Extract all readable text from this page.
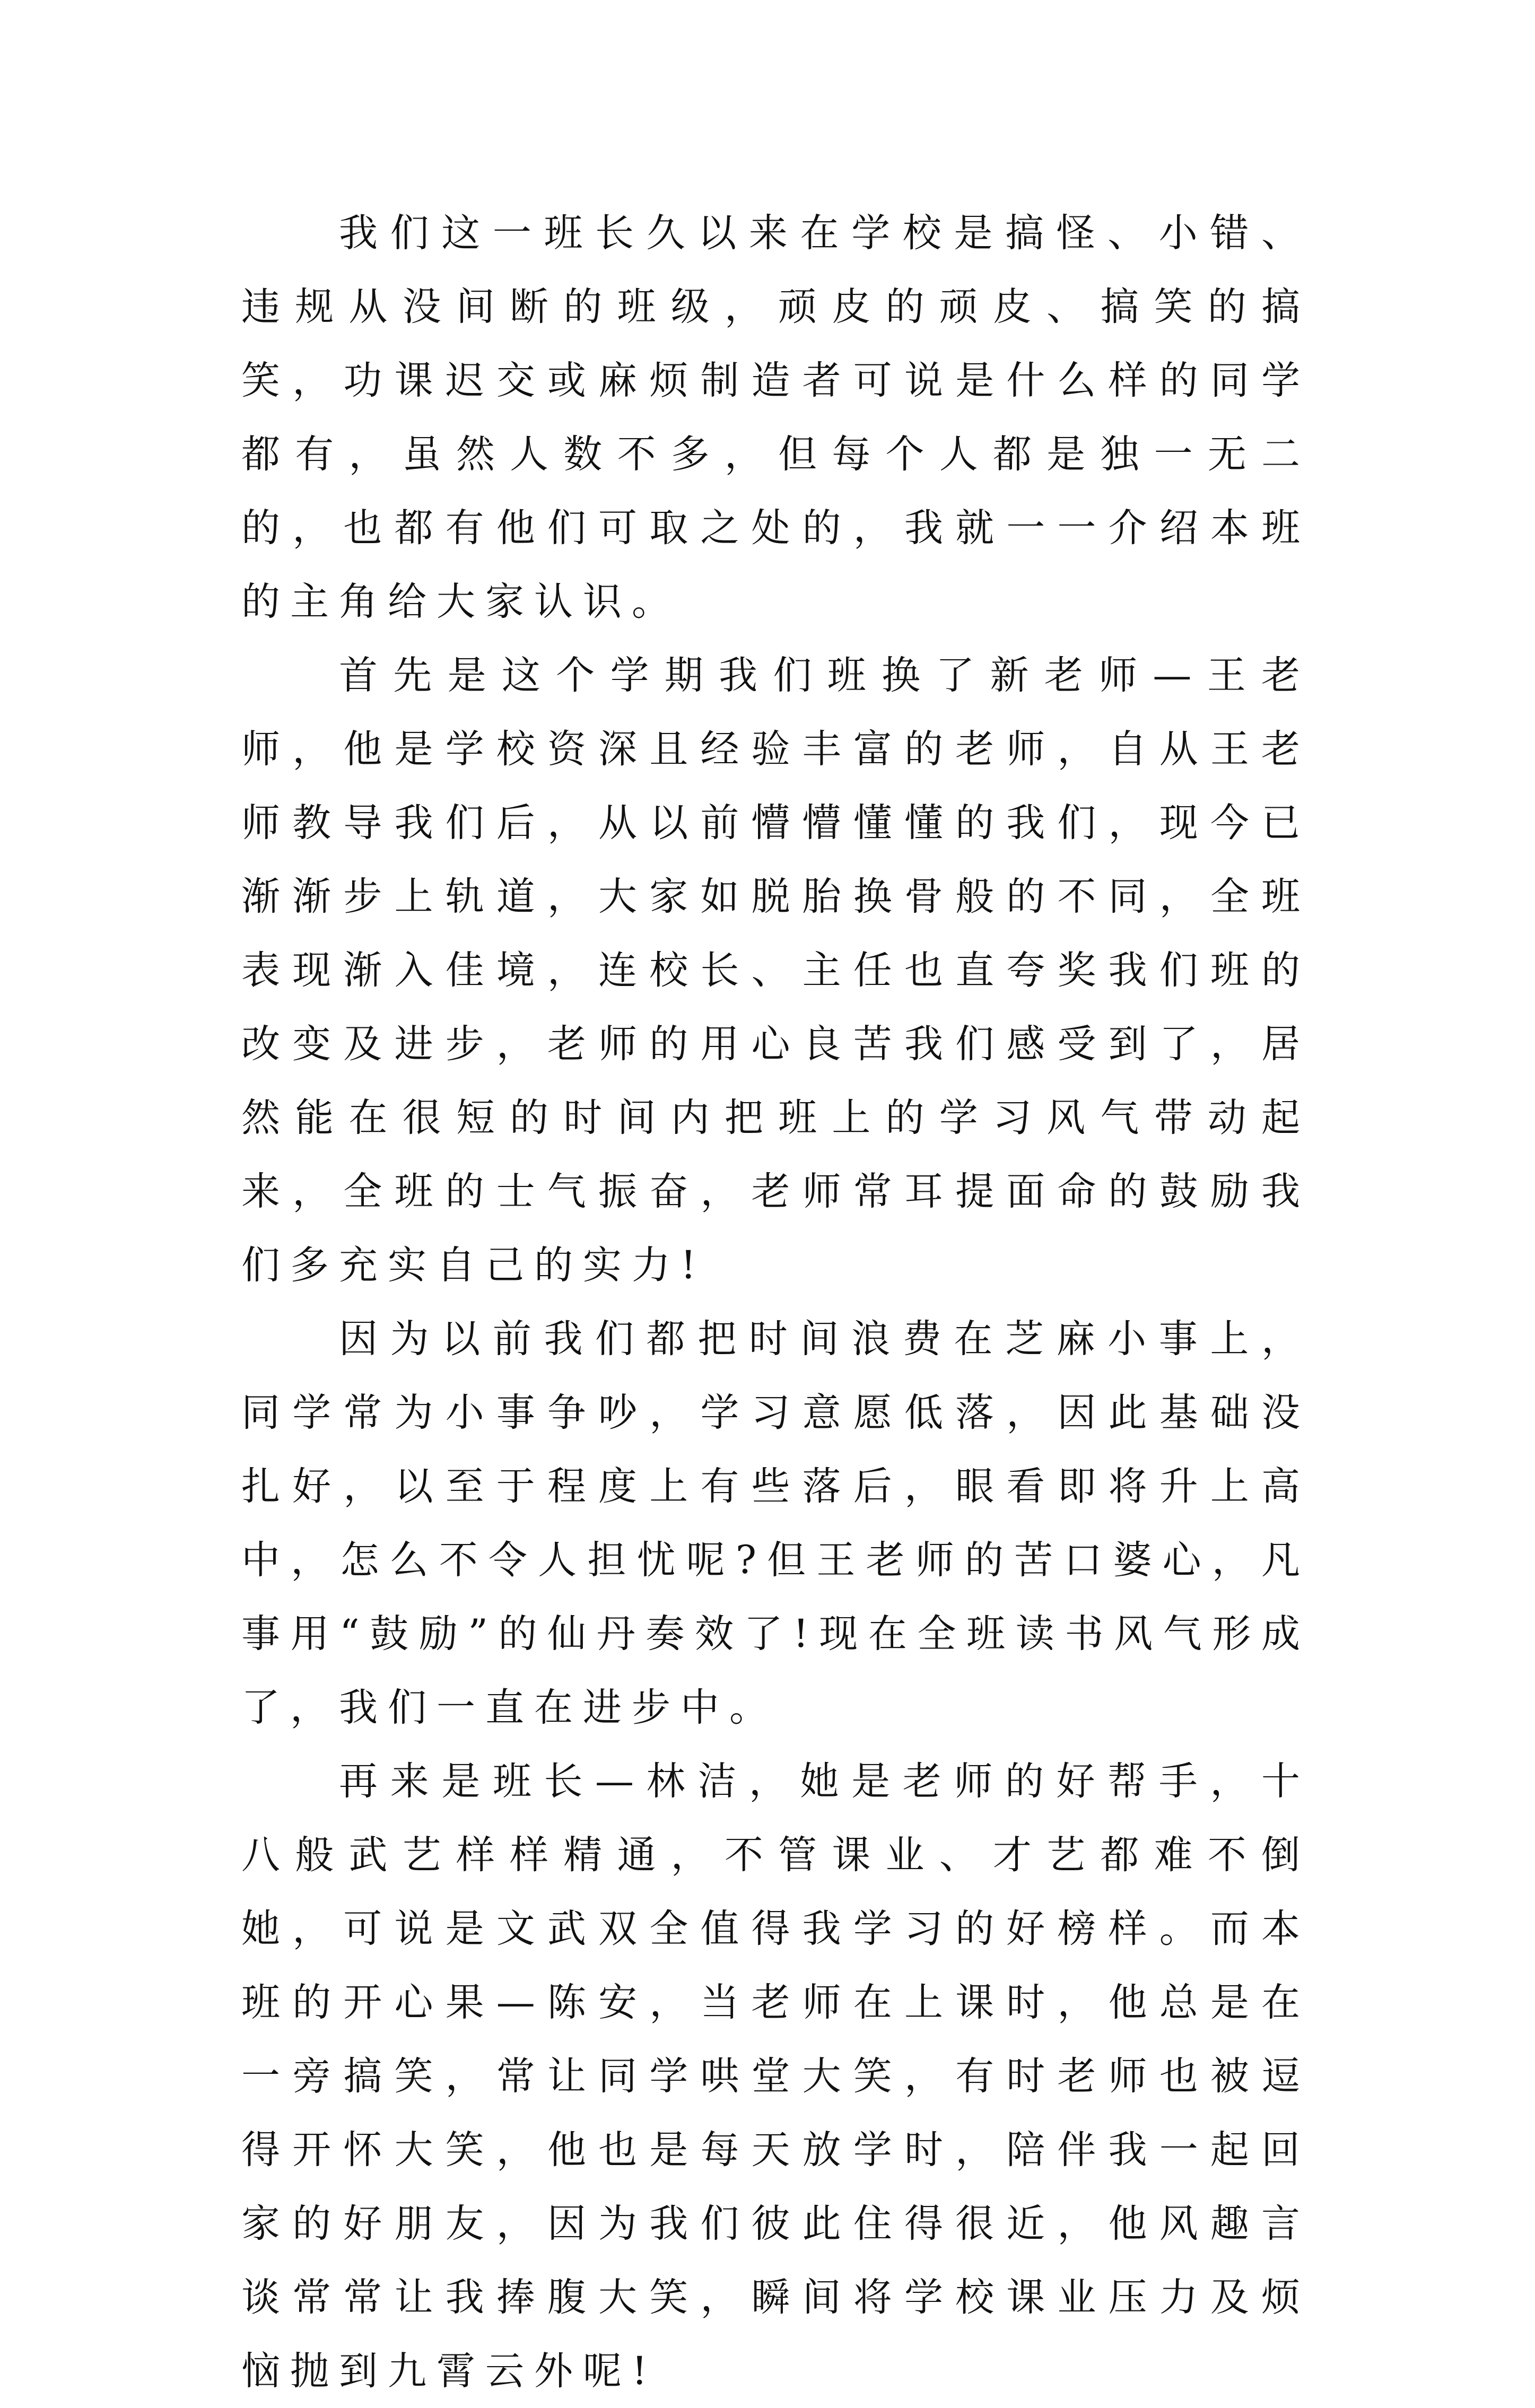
我们这一班长久以来在学校是搞怪、小错、违规从没间断的班级，顽皮的顽皮、搞笑的搞笑，功课迟交或麻烦制造者可说是什么样的同学都有，虽然人数不多，但每个人都是独一无二的，也都有他们可取之处的，我就一一介绍本班的主角给大家认识。

首先是这个学期我们班换了新老师—王老师，他是学校资深且经验丰富的老师，自从王老师教导我们后，从以前懵懵懂懂的我们，现今已渐渐步上轨道，大家如脱胎换骨般的不同，全班表现渐入佳境，连校长、主任也直夸奖我们班的改变及进步，老师的用心良苦我们感受到了，居然能在很短的时间内把班上的学习风气带动起来，全班的士气振奋，老师常耳提面命的鼓励我们多充实自己的实力!

因为以前我们都把时间浪费在芝麻小事上，同学常为小事争吵，学习意愿低落，因此基础没扎好，以至于程度上有些落后，眼看即将升上高中，怎么不令人担忧呢?但王老师的苦口婆心，凡事用“鼓励”的仙丹奏效了!现在全班读书风气形成了，我们一直在进步中。

再来是班长—林洁，她是老师的好帮手，十八般武艺样样精通，不管课业、才艺都难不倒她，可说是文武双全值得我学习的好榜样。而本班的开心果—陈安，当老师在上课时，他总是在一旁搞笑，常让同学哄堂大笑，有时老师也被逗得开怀大笑，他也是每天放学时，陪伴我一起回家的好朋友，因为我们彼此住得很近，他风趣言谈常常让我捧腹大笑，瞬间将学校课业压力及烦恼抛到九霄云外呢!
